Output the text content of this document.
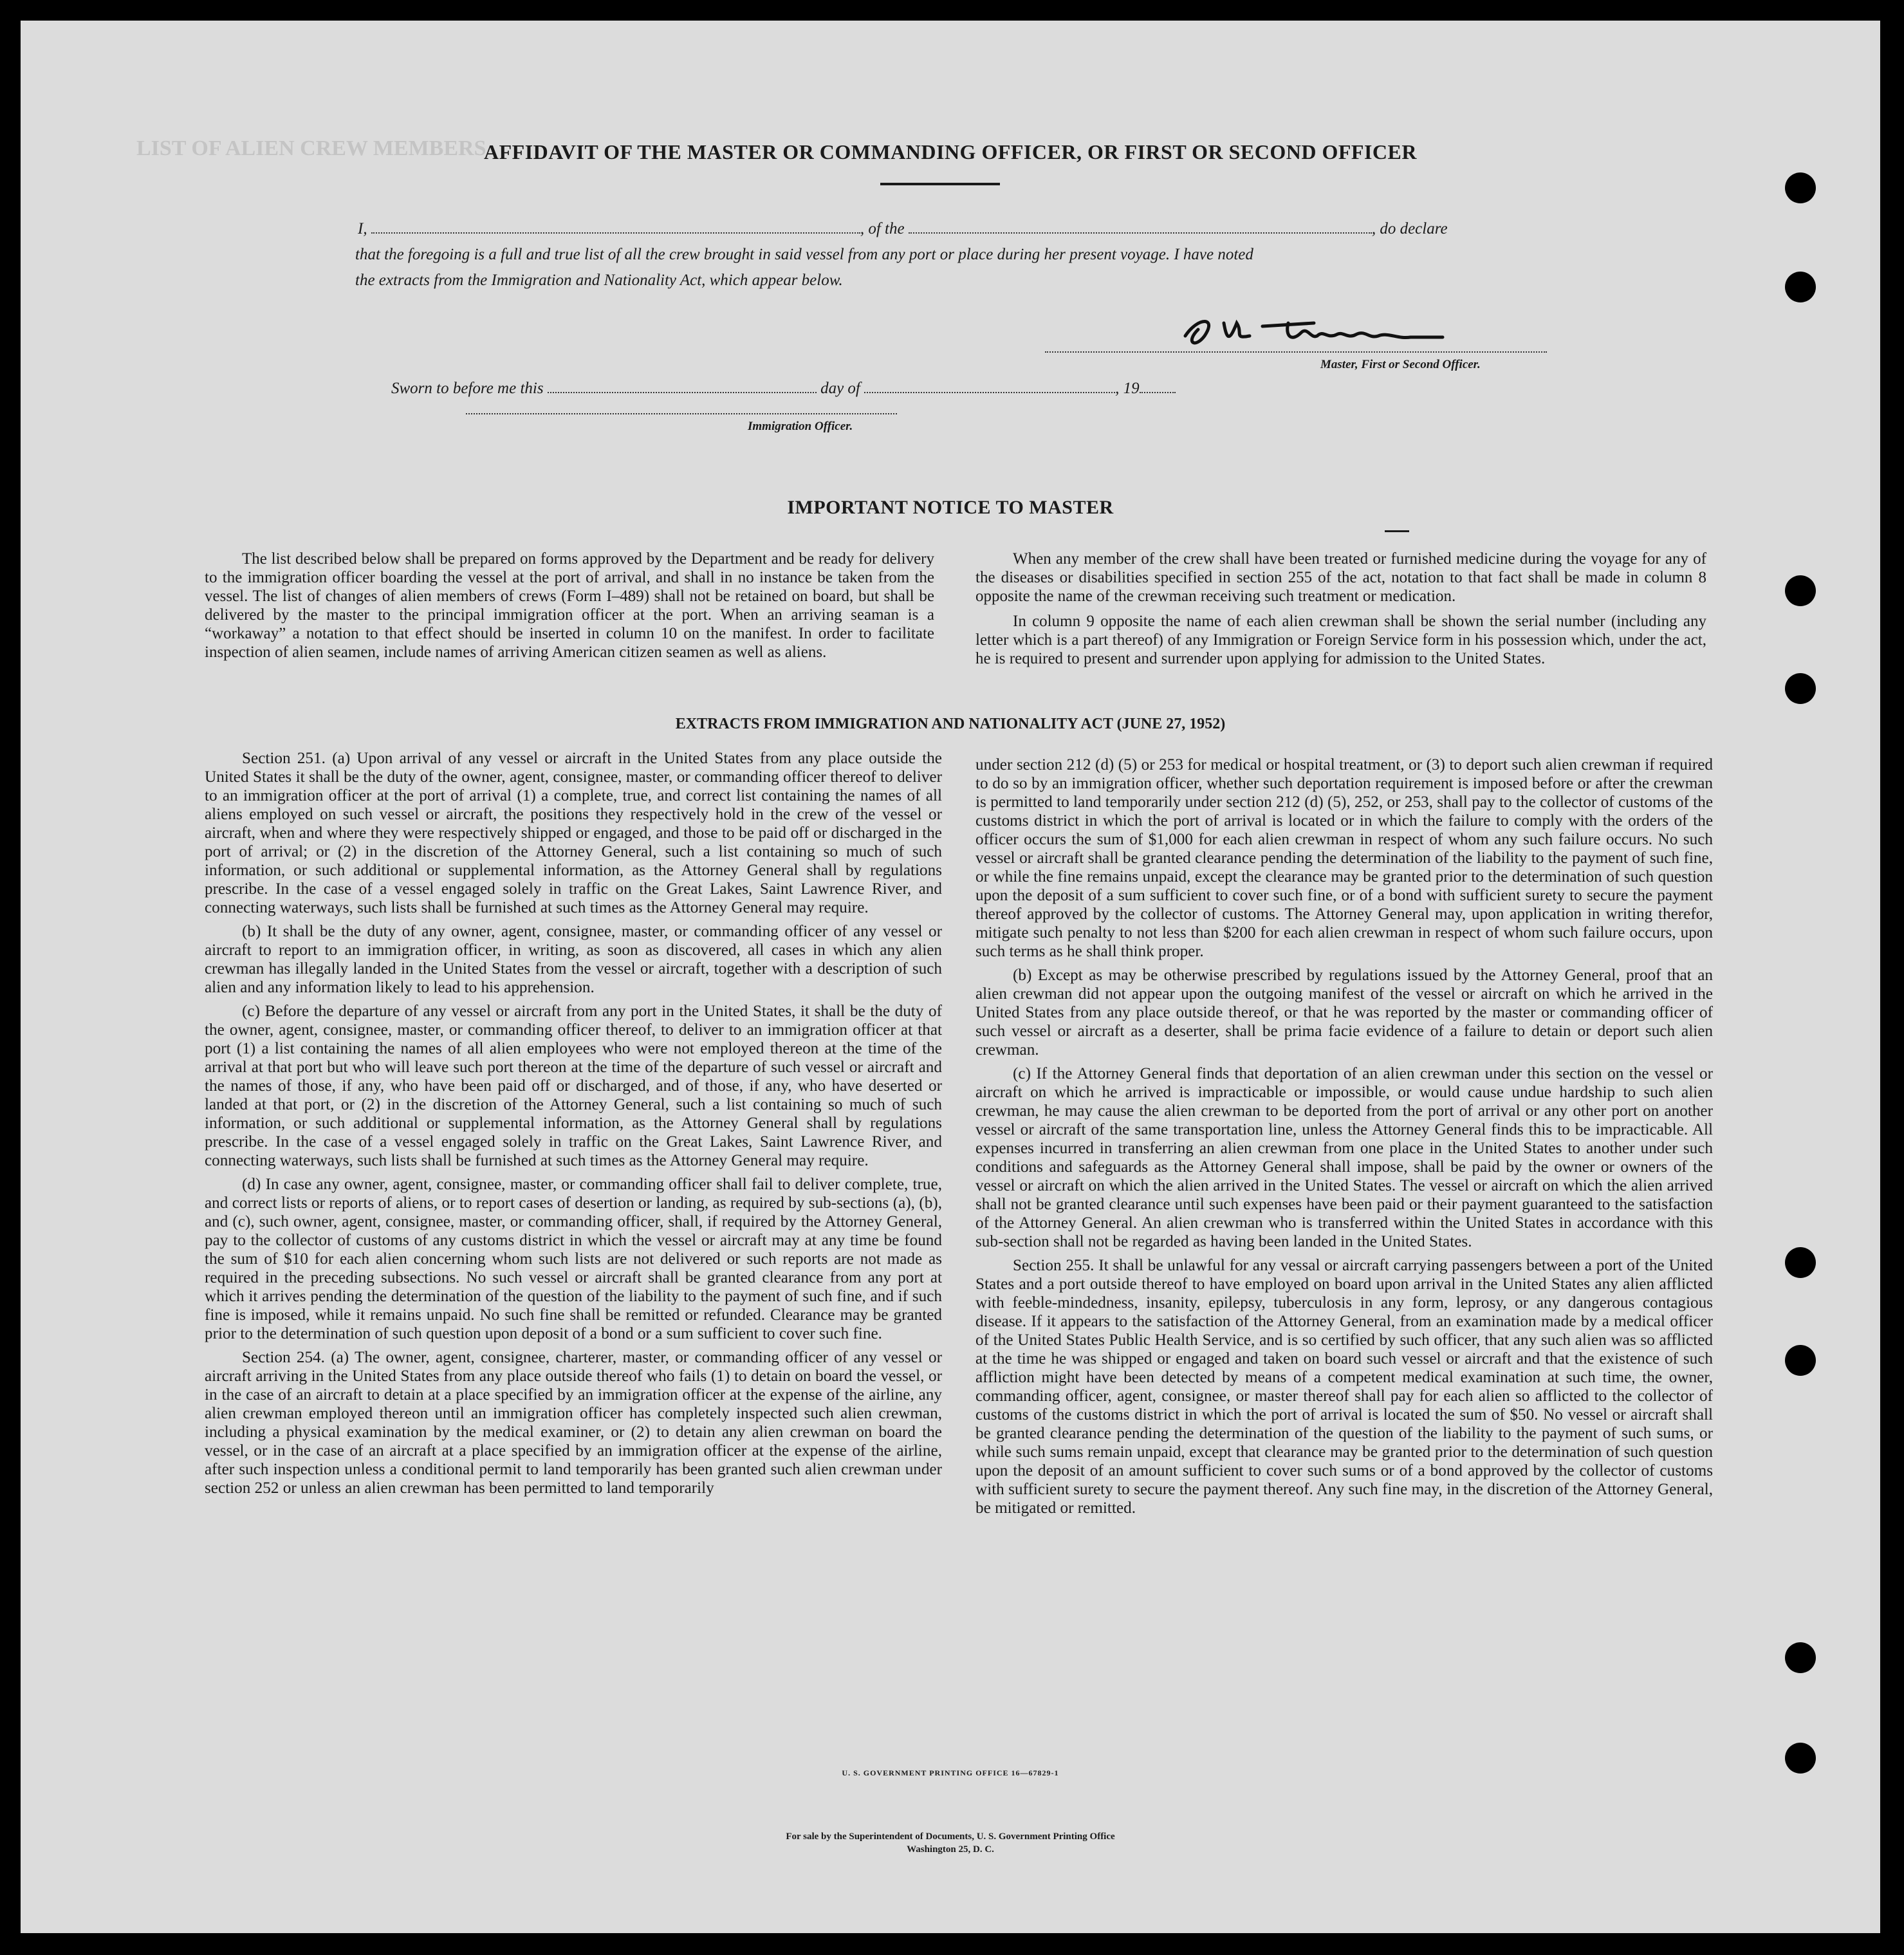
LIST OF ALIEN CREW MEMBERS
AFFIDAVIT OF THE MASTER OR COMMANDING OFFICER, OR FIRST OR SECOND OFFICER
I,	, of the	, do declare
that the foregoing is a full and true list of all the crew brought in said vessel from any port or place during her present voyage. I have noted
the extracts from the Immigration and Nationality Act, which appear below.
Master, First or Second Officer.
Sworn to before me this	day of	, 19
Immigration Officer.
IMPORTANT NOTICE TO MASTER

The list described below shall be prepared on forms approved by the Department and be ready for delivery to the immigration officer boarding the vessel at the port of arrival, and shall in no instance be taken from the vessel. The list of changes of alien members of crews (Form I–489) shall not be retained on board, but shall be delivered by the master to the principal immigration officer at the port. When an arriving seaman is a “workaway” a notation to that effect should be inserted in column 10 on the manifest. In order to facilitate inspection of alien seamen, include names of arriving American citizen seamen as well as aliens.

When any member of the crew shall have been treated or furnished medicine during the voyage for any of the diseases or disabilities specified in section 255 of the act, notation to that fact shall be made in column 8 opposite the name of the crewman receiving such treatment or medication.

In column 9 opposite the name of each alien crewman shall be shown the serial number (including any letter which is a part thereof) of any Immigration or Foreign Service form in his possession which, under the act, he is required to present and surrender upon applying for admission to the United States.

EXTRACTS FROM IMMIGRATION AND NATIONALITY ACT (JUNE 27, 1952)

Section 251. (a) Upon arrival of any vessel or aircraft in the United States from any place outside the United States it shall be the duty of the owner, agent, consignee, master, or commanding officer thereof to deliver to an immigration officer at the port of arrival (1) a complete, true, and correct list containing the names of all aliens employed on such vessel or aircraft, the positions they respectively hold in the crew of the vessel or aircraft, when and where they were respectively shipped or engaged, and those to be paid off or discharged in the port of arrival; or (2) in the discretion of the Attorney General, such a list containing so much of such information, or such additional or supplemental information, as the Attorney General shall by regulations prescribe. In the case of a vessel engaged solely in traffic on the Great Lakes, Saint Lawrence River, and connecting waterways, such lists shall be furnished at such times as the Attorney General may require.

(b) It shall be the duty of any owner, agent, consignee, master, or commanding officer of any vessel or aircraft to report to an immigration officer, in writing, as soon as discovered, all cases in which any alien crewman has illegally landed in the United States from the vessel or aircraft, together with a description of such alien and any information likely to lead to his apprehension.

(c) Before the departure of any vessel or aircraft from any port in the United States, it shall be the duty of the owner, agent, consignee, master, or commanding officer thereof, to deliver to an immigration officer at that port (1) a list containing the names of all alien employees who were not employed thereon at the time of the arrival at that port but who will leave such port thereon at the time of the departure of such vessel or aircraft and the names of those, if any, who have been paid off or discharged, and of those, if any, who have deserted or landed at that port, or (2) in the discretion of the Attorney General, such a list containing so much of such information, or such additional or supplemental information, as the Attorney General shall by regulations prescribe. In the case of a vessel engaged solely in traffic on the Great Lakes, Saint Lawrence River, and connecting waterways, such lists shall be furnished at such times as the Attorney General may require.

(d) In case any owner, agent, consignee, master, or commanding officer shall fail to deliver complete, true, and correct lists or reports of aliens, or to report cases of desertion or landing, as required by sub-sections (a), (b), and (c), such owner, agent, consignee, master, or commanding officer, shall, if required by the Attorney General, pay to the collector of customs of any customs district in which the vessel or aircraft may at any time be found the sum of $10 for each alien concerning whom such lists are not delivered or such reports are not made as required in the preceding subsections. No such vessel or aircraft shall be granted clearance from any port at which it arrives pending the determination of the question of the liability to the payment of such fine, and if such fine is imposed, while it remains unpaid. No such fine shall be remitted or refunded. Clearance may be granted prior to the determination of such question upon deposit of a bond or a sum sufficient to cover such fine.

Section 254. (a) The owner, agent, consignee, charterer, master, or commanding officer of any vessel or aircraft arriving in the United States from any place outside thereof who fails (1) to detain on board the vessel, or in the case of an aircraft to detain at a place specified by an immigration officer at the expense of the airline, any alien crewman employed thereon until an immigration officer has completely inspected such alien crewman, including a physical examination by the medical examiner, or (2) to detain any alien crewman on board the vessel, or in the case of an aircraft at a place specified by an immigration officer at the expense of the airline, after such inspection unless a conditional permit to land temporarily has been granted such alien crewman under section 252 or unless an alien crewman has been permitted to land temporarily

under section 212 (d) (5) or 253 for medical or hospital treatment, or (3) to deport such alien crewman if required to do so by an immigration officer, whether such deportation requirement is imposed before or after the crewman is permitted to land temporarily under section 212 (d) (5), 252, or 253, shall pay to the collector of customs of the customs district in which the port of arrival is located or in which the failure to comply with the orders of the officer occurs the sum of $1,000 for each alien crewman in respect of whom any such failure occurs. No such vessel or aircraft shall be granted clearance pending the determination of the liability to the payment of such fine, or while the fine remains unpaid, except the clearance may be granted prior to the determination of such question upon the deposit of a sum sufficient to cover such fine, or of a bond with sufficient surety to secure the payment thereof approved by the collector of customs. The Attorney General may, upon application in writing therefor, mitigate such penalty to not less than $200 for each alien crewman in respect of whom such failure occurs, upon such terms as he shall think proper.

(b) Except as may be otherwise prescribed by regulations issued by the Attorney General, proof that an alien crewman did not appear upon the outgoing manifest of the vessel or aircraft on which he arrived in the United States from any place outside thereof, or that he was reported by the master or commanding officer of such vessel or aircraft as a deserter, shall be prima facie evidence of a failure to detain or deport such alien crewman.

(c) If the Attorney General finds that deportation of an alien crewman under this section on the vessel or aircraft on which he arrived is impracticable or impossible, or would cause undue hardship to such alien crewman, he may cause the alien crewman to be deported from the port of arrival or any other port on another vessel or aircraft of the same transportation line, unless the Attorney General finds this to be impracticable. All expenses incurred in transferring an alien crewman from one place in the United States to another under such conditions and safeguards as the Attorney General shall impose, shall be paid by the owner or owners of the vessel or aircraft on which the alien arrived in the United States. The vessel or aircraft on which the alien arrived shall not be granted clearance until such expenses have been paid or their payment guaranteed to the satisfaction of the Attorney General. An alien crewman who is transferred within the United States in accordance with this sub-section shall not be regarded as having been landed in the United States.

Section 255. It shall be unlawful for any vessal or aircraft carrying passengers between a port of the United States and a port outside thereof to have employed on board upon arrival in the United States any alien afflicted with feeble-mindedness, insanity, epilepsy, tuberculosis in any form, leprosy, or any dangerous contagious disease. If it appears to the satisfaction of the Attorney General, from an examination made by a medical officer of the United States Public Health Service, and is so certified by such officer, that any such alien was so afflicted at the time he was shipped or engaged and taken on board such vessel or aircraft and that the existence of such affliction might have been detected by means of a competent medical examination at such time, the owner, commanding officer, agent, consignee, or master thereof shall pay for each alien so afflicted to the collector of customs of the customs district in which the port of arrival is located the sum of $50. No vessel or aircraft shall be granted clearance pending the determination of the question of the liability to the payment of such sums, or while such sums remain unpaid, except that clearance may be granted prior to the determination of such question upon the deposit of an amount sufficient to cover such sums or of a bond approved by the collector of customs with sufficient surety to secure the payment thereof. Any such fine may, in the discretion of the Attorney General, be mitigated or remitted.

U. S. GOVERNMENT PRINTING OFFICE 16—67829-1
For sale by the Superintendent of Documents, U. S. Government Printing Office
Washington 25, D. C.
